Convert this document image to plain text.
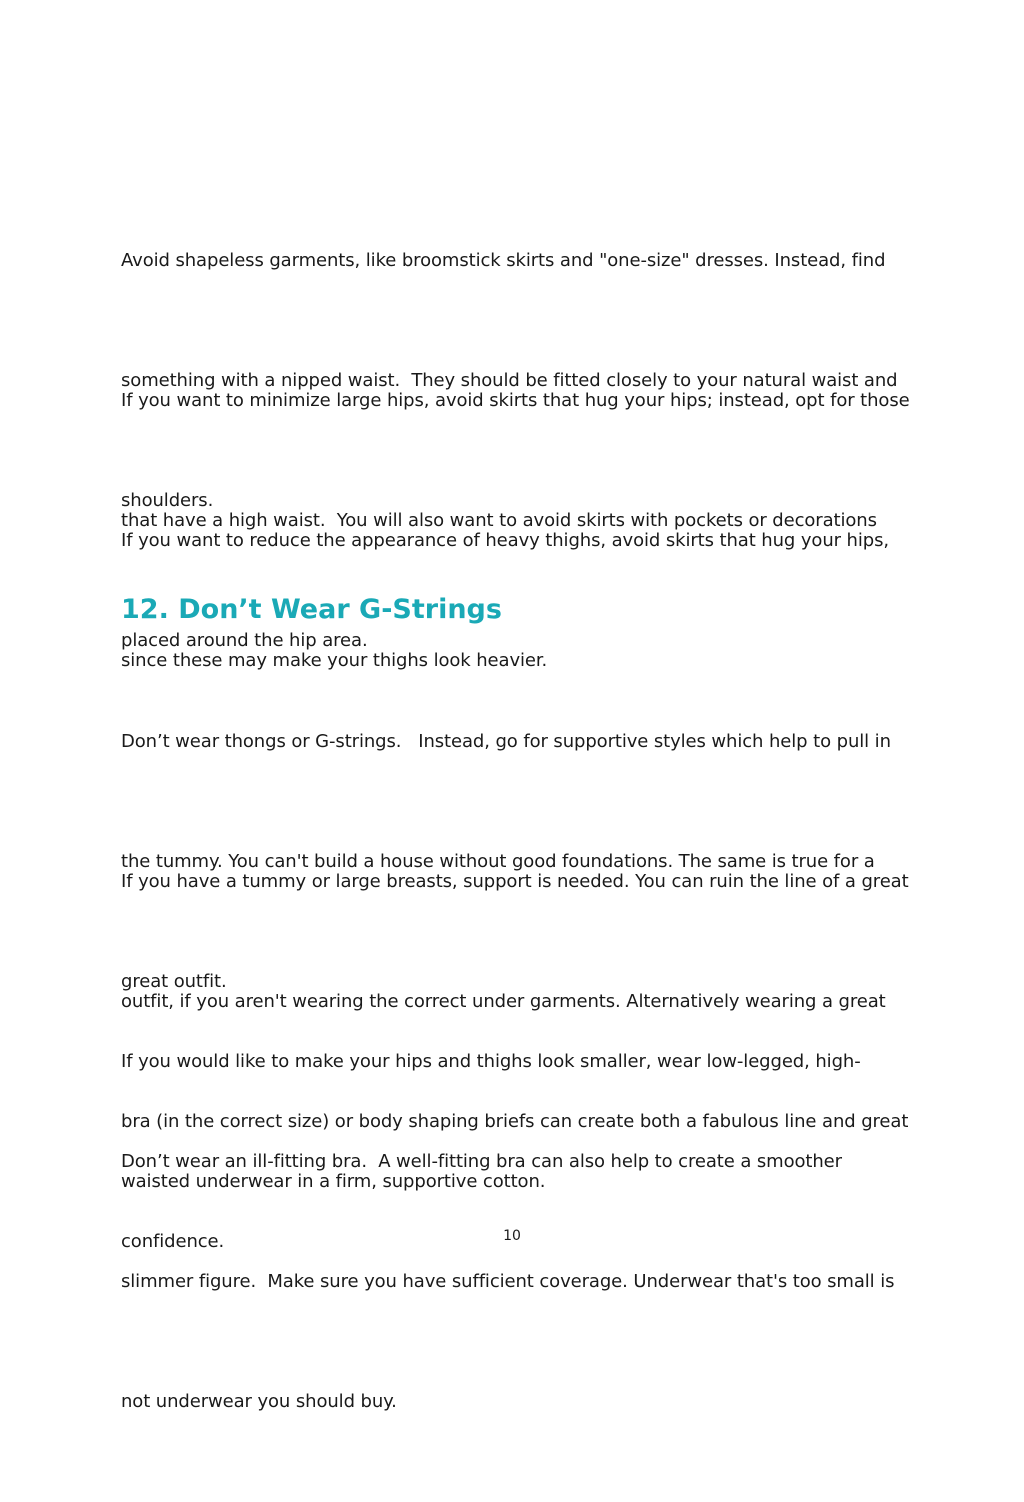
Avoid shapeless garments, like broomstick skirts and "one-size" dresses. Instead, find

something with a nipped waist.  They should be fitted closely to your natural waist and

shoulders.

If you want to minimize large hips, avoid skirts that hug your hips; instead, opt for those

that have a high waist.  You will also want to avoid skirts with pockets or decorations

placed around the hip area.

If you want to reduce the appearance of heavy thighs, avoid skirts that hug your hips,

since these may make your thighs look heavier.

12. Don’t Wear G-Strings

Don’t wear thongs or G-strings.   Instead, go for supportive styles which help to pull in

the tummy. You can't build a house without good foundations. The same is true for a

great outfit.

If you have a tummy or large breasts, support is needed. You can ruin the line of a great

outfit, if you aren't wearing the correct under garments. Alternatively wearing a great

bra (in the correct size) or body shaping briefs can create both a fabulous line and great

confidence.

If you would like to make your hips and thighs look smaller, wear low-legged, high-

waisted underwear in a firm, supportive cotton.

Don’t wear an ill-fitting bra.  A well-fitting bra can also help to create a smoother

slimmer figure.  Make sure you have sufficient coverage. Underwear that's too small is

not underwear you should buy.

10
